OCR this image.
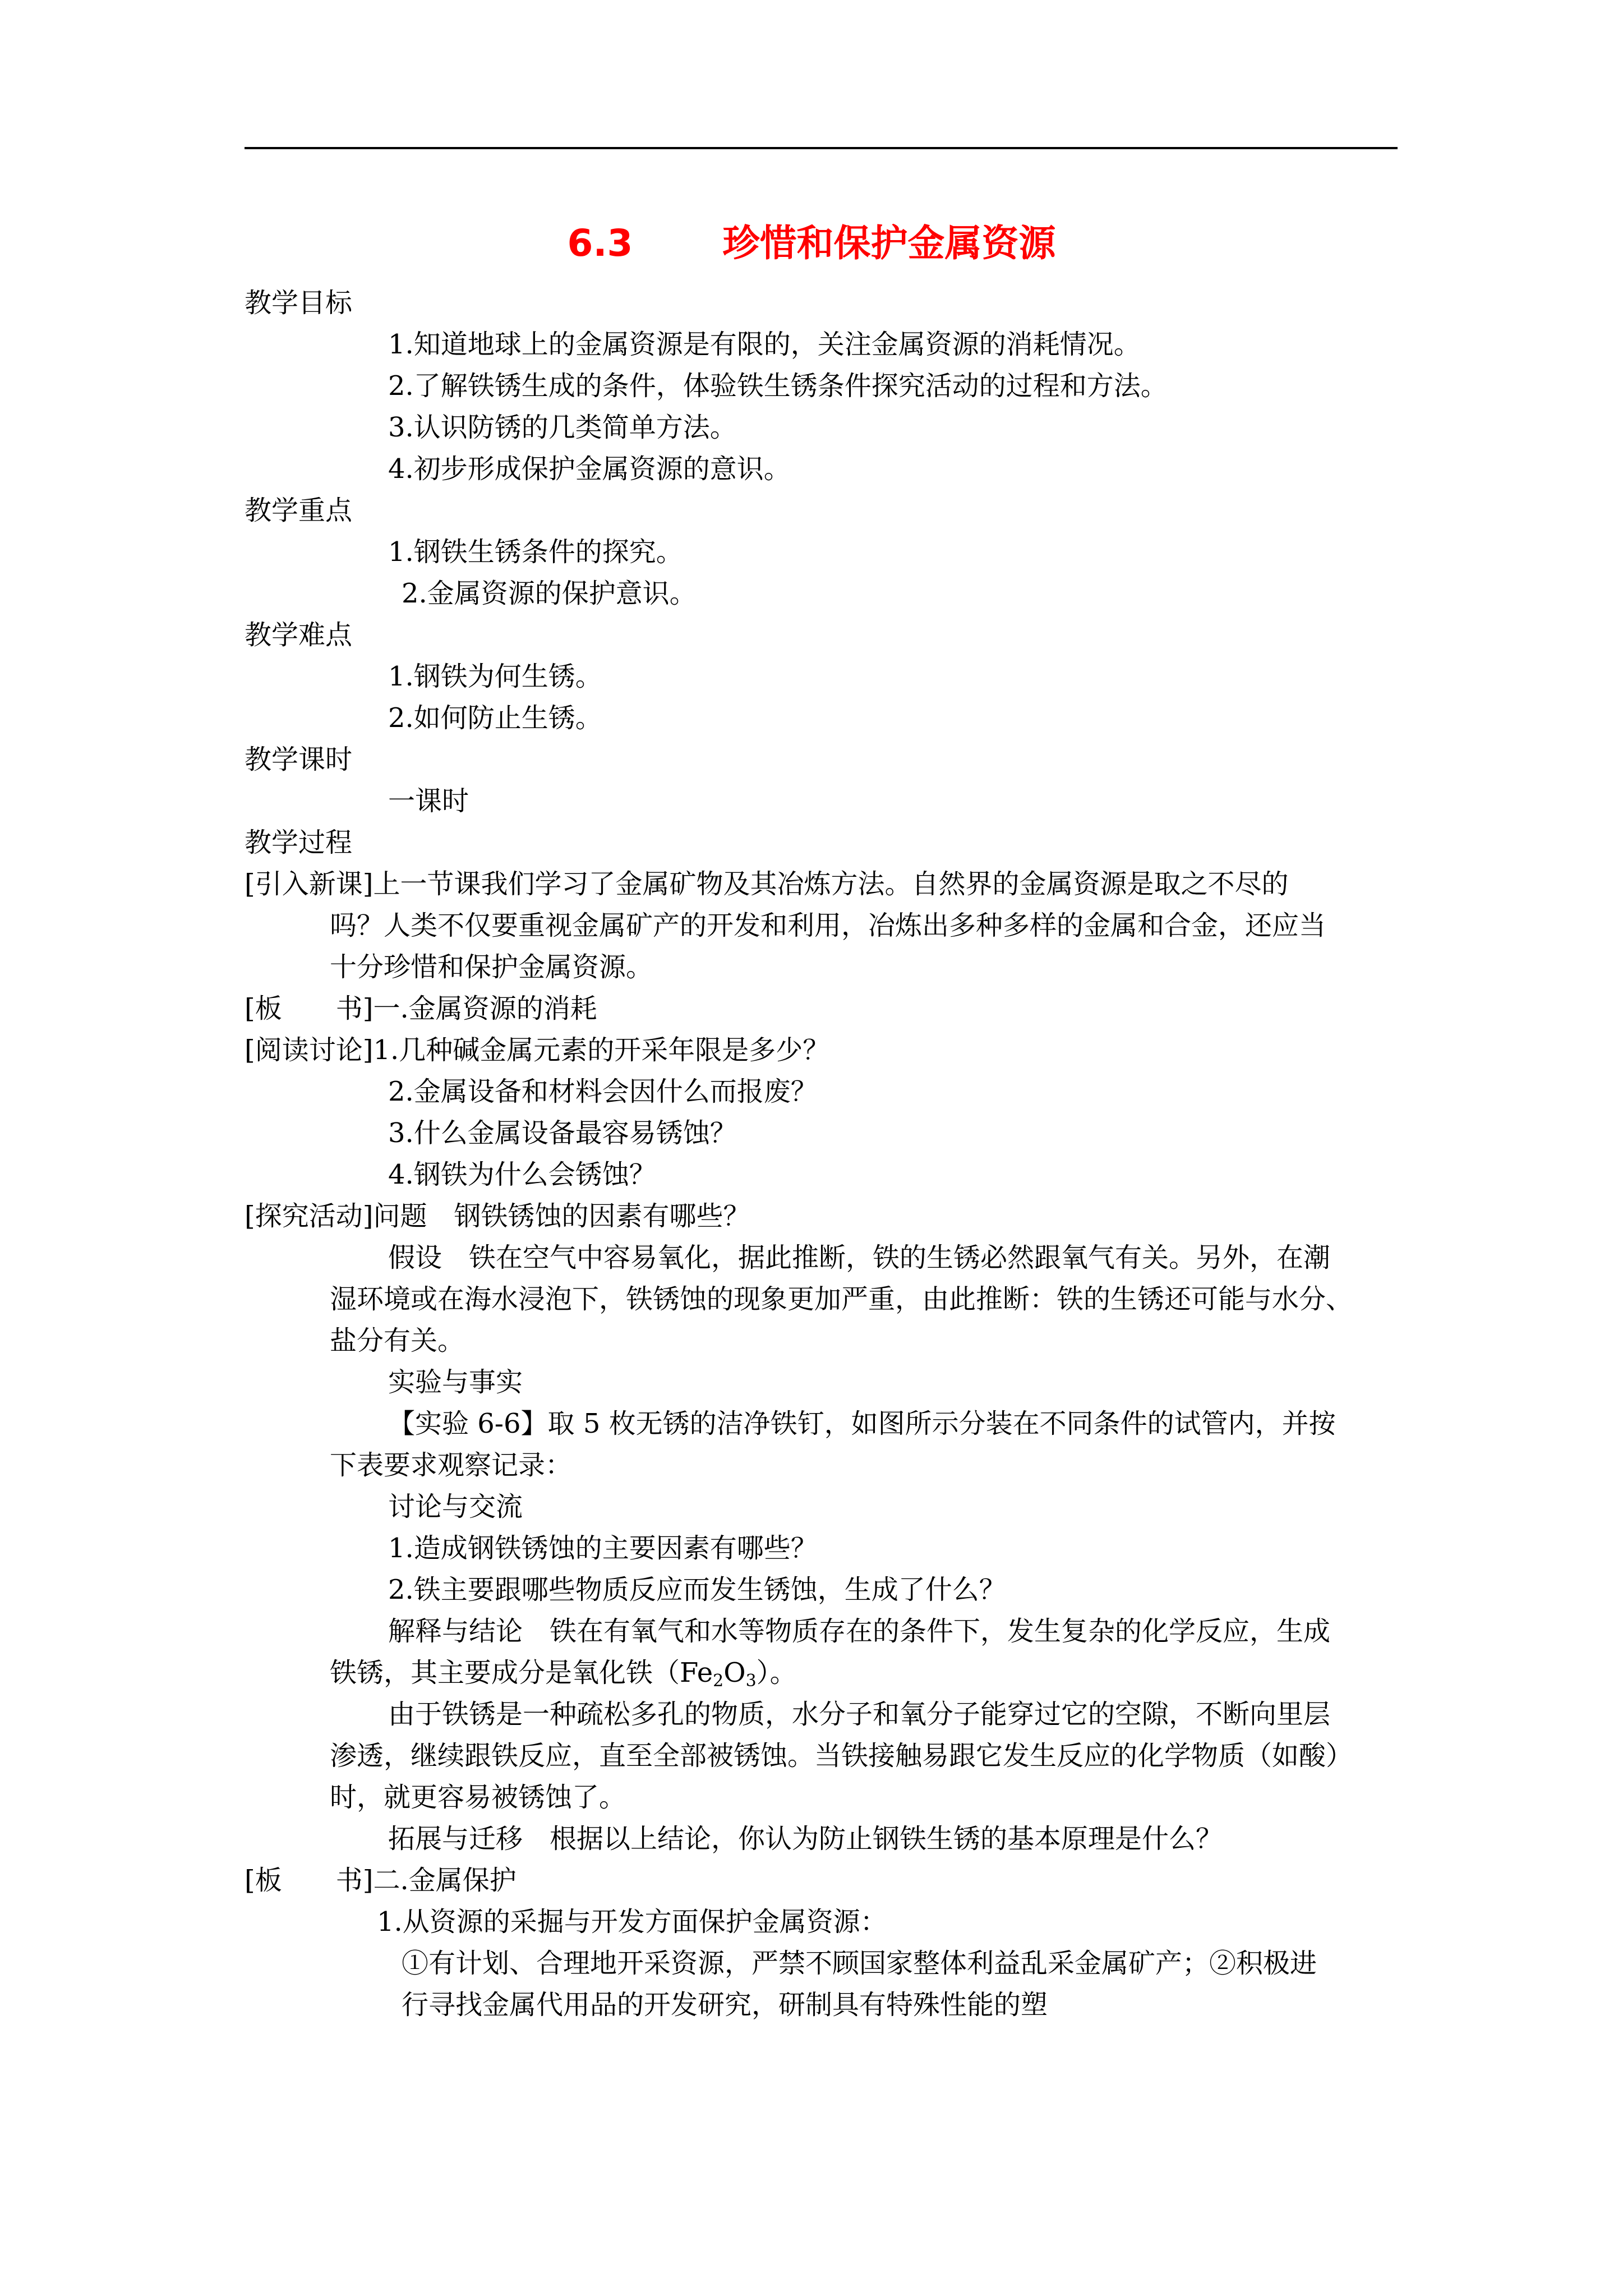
6.3 珍惜和保护金属资源
教学目标
1.知道地球上的金属资源是有限的，关注金属资源的消耗情况。
2.了解铁锈生成的条件，体验铁生锈条件探究活动的过程和方法。
3.认识防锈的几类简单方法。
4.初步形成保护金属资源的意识。
教学重点
1.钢铁生锈条件的探究。
2.金属资源的保护意识。
教学难点
1.钢铁为何生锈。
2.如何防止生锈。
教学课时
一课时
教学过程
[引入新课]上一节课我们学习了金属矿物及其冶炼方法。自然界的金属资源是取之不尽的
吗？人类不仅要重视金属矿产的开发和利用，冶炼出多种多样的金属和合金，还应当
十分珍惜和保护金属资源。
[板　　书]一.金属资源的消耗
[阅读讨论]1.几种碱金属元素的开采年限是多少？
2.金属设备和材料会因什么而报废？
3.什么金属设备最容易锈蚀？
4.钢铁为什么会锈蚀？
[探究活动]问题　钢铁锈蚀的因素有哪些？
假设　铁在空气中容易氧化，据此推断，铁的生锈必然跟氧气有关。另外，在潮
湿环境或在海水浸泡下，铁锈蚀的现象更加严重，由此推断：铁的生锈还可能与水分、
盐分有关。
实验与事实
【实验 6-6】取 5 枚无锈的洁净铁钉，如图所示分装在不同条件的试管内，并按
下表要求观察记录：
讨论与交流
1.造成钢铁锈蚀的主要因素有哪些？
2.铁主要跟哪些物质反应而发生锈蚀，生成了什么？
解释与结论　铁在有氧气和水等物质存在的条件下，发生复杂的化学反应，生成
铁锈，其主要成分是氧化铁$(Fe_2O_3)$。
由于铁锈是一种疏松多孔的物质，水分子和氧分子能穿过它的空隙，不断向里层
渗透，继续跟铁反应，直至全部被锈蚀。当铁接触易跟它发生反应的化学物质（如酸）
时，就更容易被锈蚀了。
拓展与迁移　根据以上结论，你认为防止钢铁生锈的基本原理是什么？
[板　　书]二.金属保护
1.从资源的采掘与开发方面保护金属资源：
①有计划、合理地开采资源，严禁不顾国家整体利益乱采金属矿产；②积极进
行寻找金属代用品的开发研究，研制具有特殊性能的塑
